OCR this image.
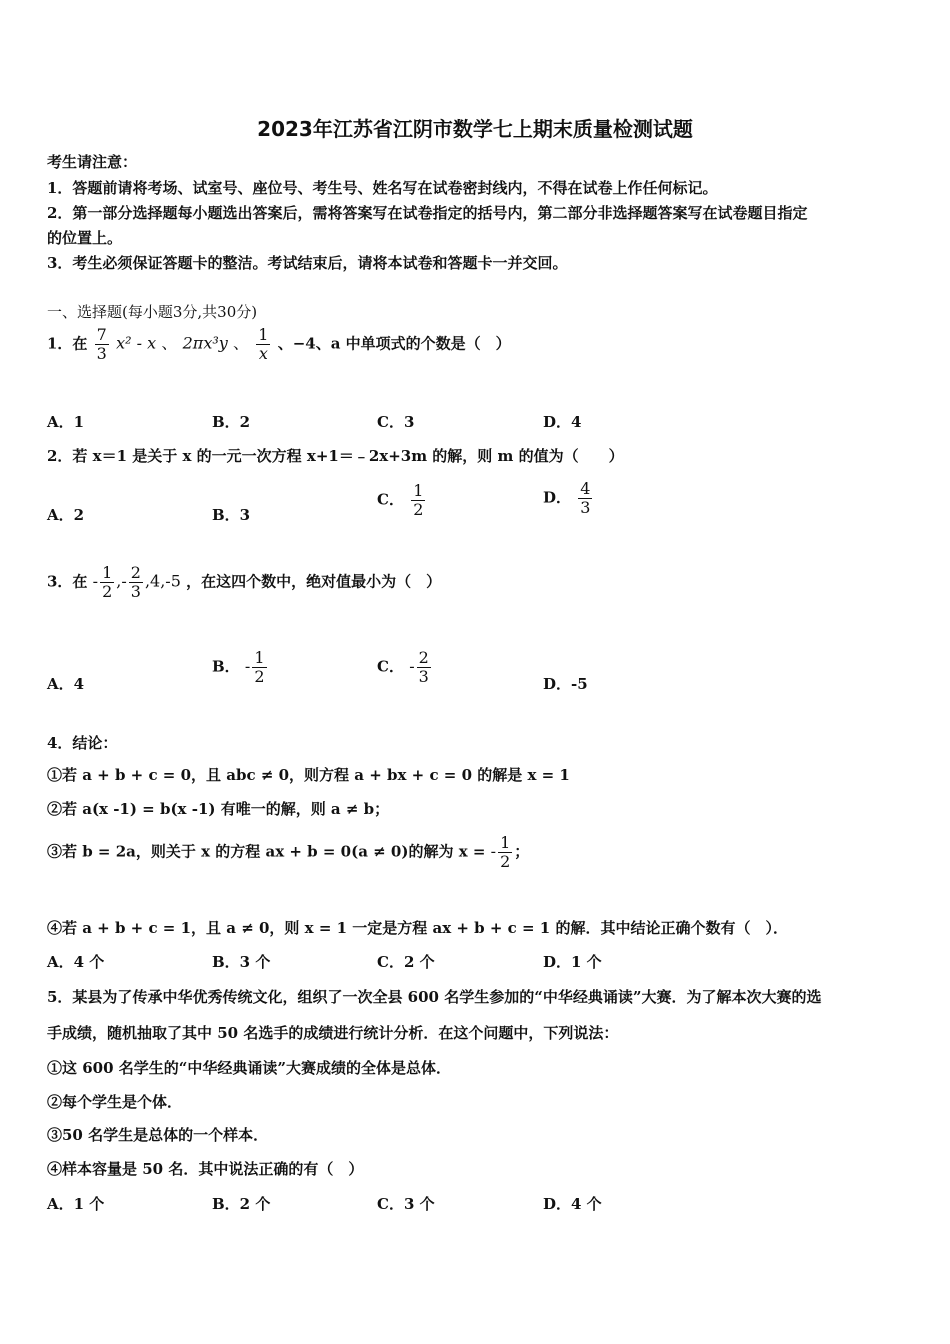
2023年江苏省江阴市数学七上期末质量检测试题
考生请注意：
1．答题前请将考场、试室号、座位号、考生号、姓名写在试卷密封线内，不得在试卷上作任何标记。
2．第一部分选择题每小题选出答案后，需将答案写在试卷指定的括号内，第二部分非选择题答案写在试卷题目指定
的位置上。
3．考生必须保证答题卡的整洁。考试结束后，请将本试卷和答题卡一并交回。
一、选择题(每小题3分,共30分)
1．在 $\frac{7}{3} x^2$ - x 、 2πx³y 、 $\frac{1}{x}$ 、−4、a 中单项式的个数是（　）
A．1	B．2	C．3	D．4
2．若 x＝1 是关于 x 的一元一次方程 x+1＝﹣2x+3m 的解，则 m 的值为（　　）
A．2	B．3
C． $\frac{1}{2}$	D． $\frac{4}{3}$
3．在 - $\frac{1}{2}$ ,- $\frac{2}{3} ,4,-5$ ，在这四个数中，绝对值最小为（　）
A．4
B． - $\frac{1}{2}$	C． - $\frac{2}{3}$	D．-5
4．结论：
①若 a + b + c = 0，且 abc ≠ 0，则方程 a + bx + c = 0 的解是 x = 1
②若 a(x -1) = b(x -1) 有唯一的解，则 a ≠ b；
③若 b = 2a，则关于 x 的方程 ax + b = 0(a ≠ 0)的解为 x = - $\frac{1}{2}$ ；
④若 a + b + c = 1，且 a ≠ 0，则 x = 1 一定是方程 ax + b + c = 1 的解．其中结论正确个数有（　）．
A．4 个	B．3 个	C．2 个	D．1 个
5．某县为了传承中华优秀传统文化，组织了一次全县 600 名学生参加的“中华经典诵读”大赛．为了解本次大赛的选
手成绩，随机抽取了其中 50 名选手的成绩进行统计分析．在这个问题中，下列说法：
①这 600 名学生的“中华经典诵读”大赛成绩的全体是总体．
②每个学生是个体．
③50 名学生是总体的一个样本．
④样本容量是 50 名．其中说法正确的有（　）
A．1 个	B．2 个	C．3 个	D．4 个
